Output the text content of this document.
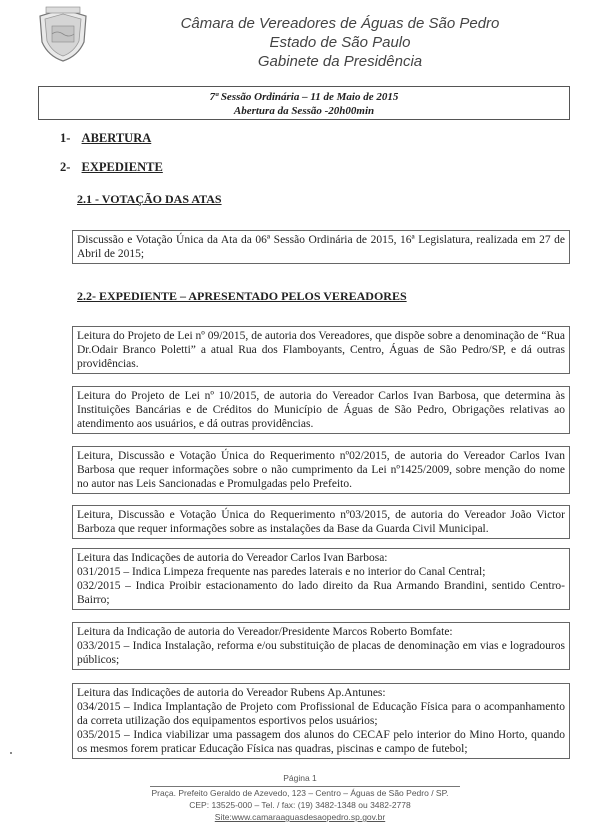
Câmara de Vereadores de Águas de São Pedro
Estado de São Paulo
Gabinete da Presidência
7ª Sessão Ordinária – 11 de Maio de 2015
Abertura da Sessão -20h00min
1- ABERTURA
2- EXPEDIENTE
2.1 - VOTAÇÃO DAS ATAS

Discussão e Votação Única da Ata da 06ª Sessão Ordinária de 2015, 16ª Legislatura, realizada em 27 de Abril de 2015;

2.2- EXPEDIENTE – APRESENTADO PELOS VEREADORES

Leitura do Projeto de Lei nº 09/2015, de autoria dos Vereadores, que dispõe sobre a denominação de “Rua Dr.Odair Branco Poletti” a atual Rua dos Flamboyants, Centro, Águas de São Pedro/SP, e dá outras providências.

Leitura do Projeto de Lei nº 10/2015, de autoria do Vereador Carlos Ivan Barbosa, que determina às Instituições Bancárias e de Créditos do Município de Águas de São Pedro, Obrigações relativas ao atendimento aos usuários, e dá outras providências.

Leitura, Discussão e Votação Única do Requerimento nº02/2015, de autoria do Vereador Carlos Ivan Barbosa que requer informações sobre o não cumprimento da Lei nº1425/2009, sobre menção do nome no autor nas Leis Sancionadas e Promulgadas pelo Prefeito.

Leitura, Discussão e Votação Única do Requerimento nº03/2015, de autoria do Vereador João Victor Barboza que requer informações sobre as instalações da Base da Guarda Civil Municipal.

Leitura das Indicações de autoria do Vereador Carlos Ivan Barbosa:

031/2015 – Indica Limpeza frequente nas paredes laterais e no interior do Canal Central;

032/2015 – Indica Proibir estacionamento do lado direito da Rua Armando Brandini, sentido Centro-Bairro;

Leitura da Indicação de autoria do Vereador/Presidente Marcos Roberto Bomfate:

033/2015 – Indica Instalação, reforma e/ou substituição de placas de denominação em vias e logradouros públicos;

Leitura das Indicações de autoria do Vereador Rubens Ap.Antunes:

034/2015 – Indica Implantação de Projeto com Profissional de Educação Física para o acompanhamento da correta utilização dos equipamentos esportivos pelos usuários;

035/2015 – Indica viabilizar uma passagem dos alunos do CECAF pelo interior do Mino Horto, quando os mesmos forem praticar Educação Física nas quadras, piscinas e campo de futebol;

Página 1
Praça. Prefeito Geraldo de Azevedo, 123 – Centro – Águas de São Pedro / SP.
CEP: 13525-000 – Tel. / fax: (19) 3482-1348 ou 3482-2778
Site:www.camaraaguasdesaopedro.sp.gov.br
